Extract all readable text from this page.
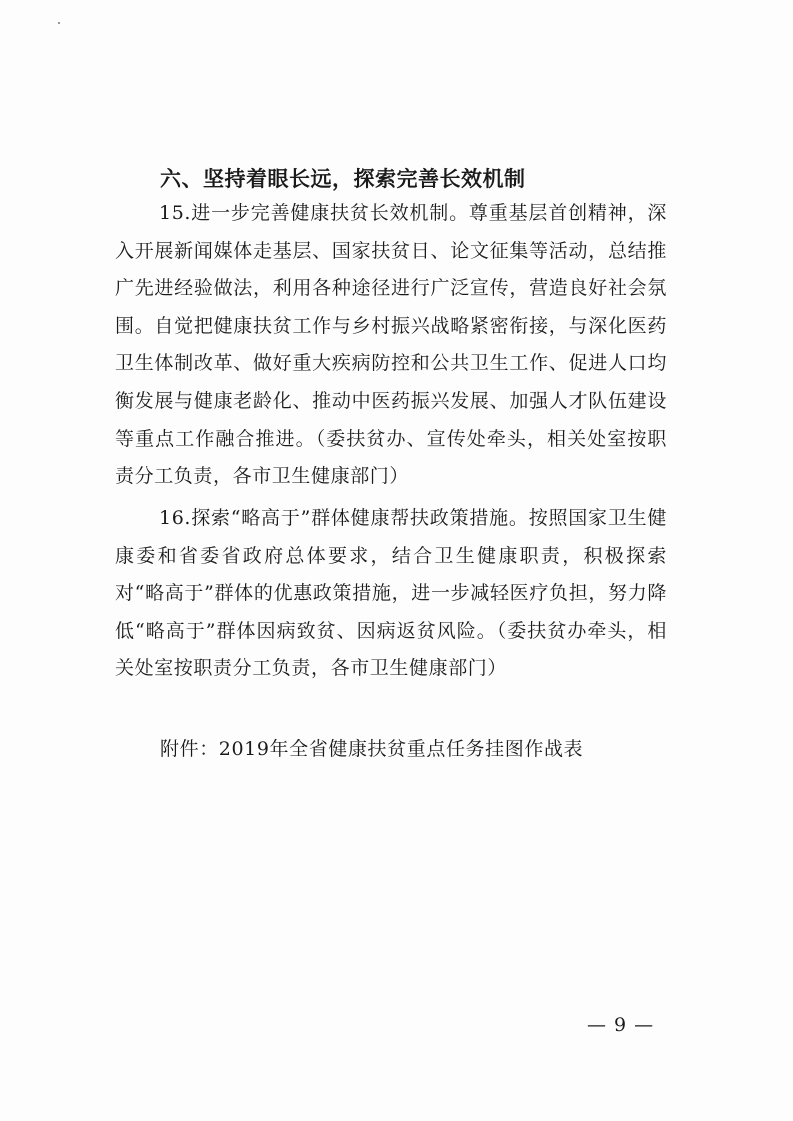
六、坚持着眼长远，探索完善长效机制

15.进一步完善健康扶贫长效机制。尊重基层首创精神，深入开展新闻媒体走基层、国家扶贫日、论文征集等活动，总结推广先进经验做法，利用各种途径进行广泛宣传，营造良好社会氛围。自觉把健康扶贫工作与乡村振兴战略紧密衔接，与深化医药卫生体制改革、做好重大疾病防控和公共卫生工作、促进人口均衡发展与健康老龄化、推动中医药振兴发展、加强人才队伍建设等重点工作融合推进。（委扶贫办、宣传处牵头，相关处室按职责分工负责，各市卫生健康部门）

16.探索“略高于”群体健康帮扶政策措施。按照国家卫生健康委和省委省政府总体要求，结合卫生健康职责，积极探索对“略高于”群体的优惠政策措施，进一步减轻医疗负担，努力降低“略高于”群体因病致贫、因病返贫风险。（委扶贫办牵头，相关处室按职责分工负责，各市卫生健康部门）

附件：2019年全省健康扶贫重点任务挂图作战表

— 9 —
